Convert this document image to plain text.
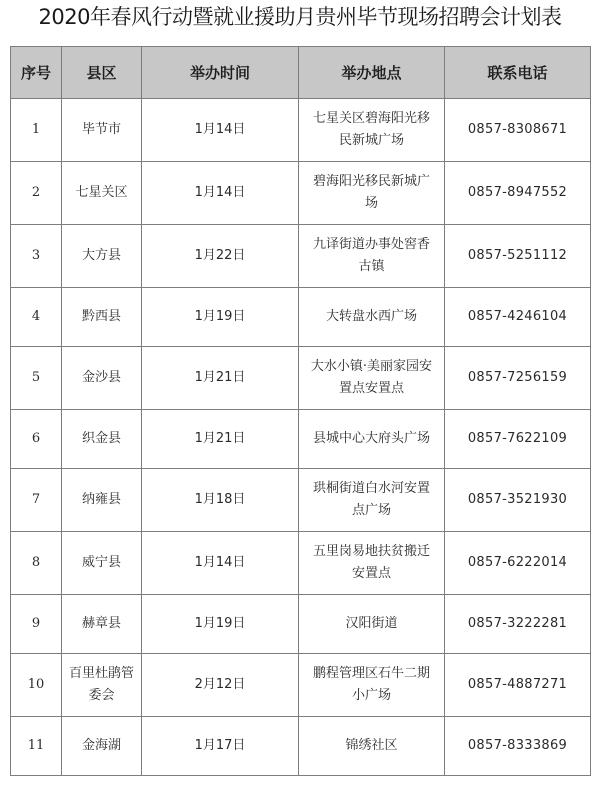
2020年春风行动暨就业援助月贵州毕节现场招聘会计划表
序号	县区	举办时间	举办地点	联系电话
1	毕节市	1月14日	七星关区碧海阳光移民新城广场	0857-8308671
2	七星关区	1月14日	碧海阳光移民新城广场	0857-8947552
3	大方县	1月22日	九译街道办事处窖香古镇	0857-5251112
4	黔西县	1月19日	大转盘水西广场	0857-4246104
5	金沙县	1月21日	大水小镇·美丽家园安置点安置点	0857-7256159
6	织金县	1月21日	县城中心大府头广场	0857-7622109
7	纳雍县	1月18日	珙桐街道白水河安置点广场	0857-3521930
8	威宁县	1月14日	五里岗易地扶贫搬迁安置点	0857-6222014
9	赫章县	1月19日	汉阳街道	0857-3222281
10	百里杜鹃管委会	2月12日	鹏程管理区石牛二期小广场	0857-4887271
11	金海湖	1月17日	锦绣社区	0857-8333869
